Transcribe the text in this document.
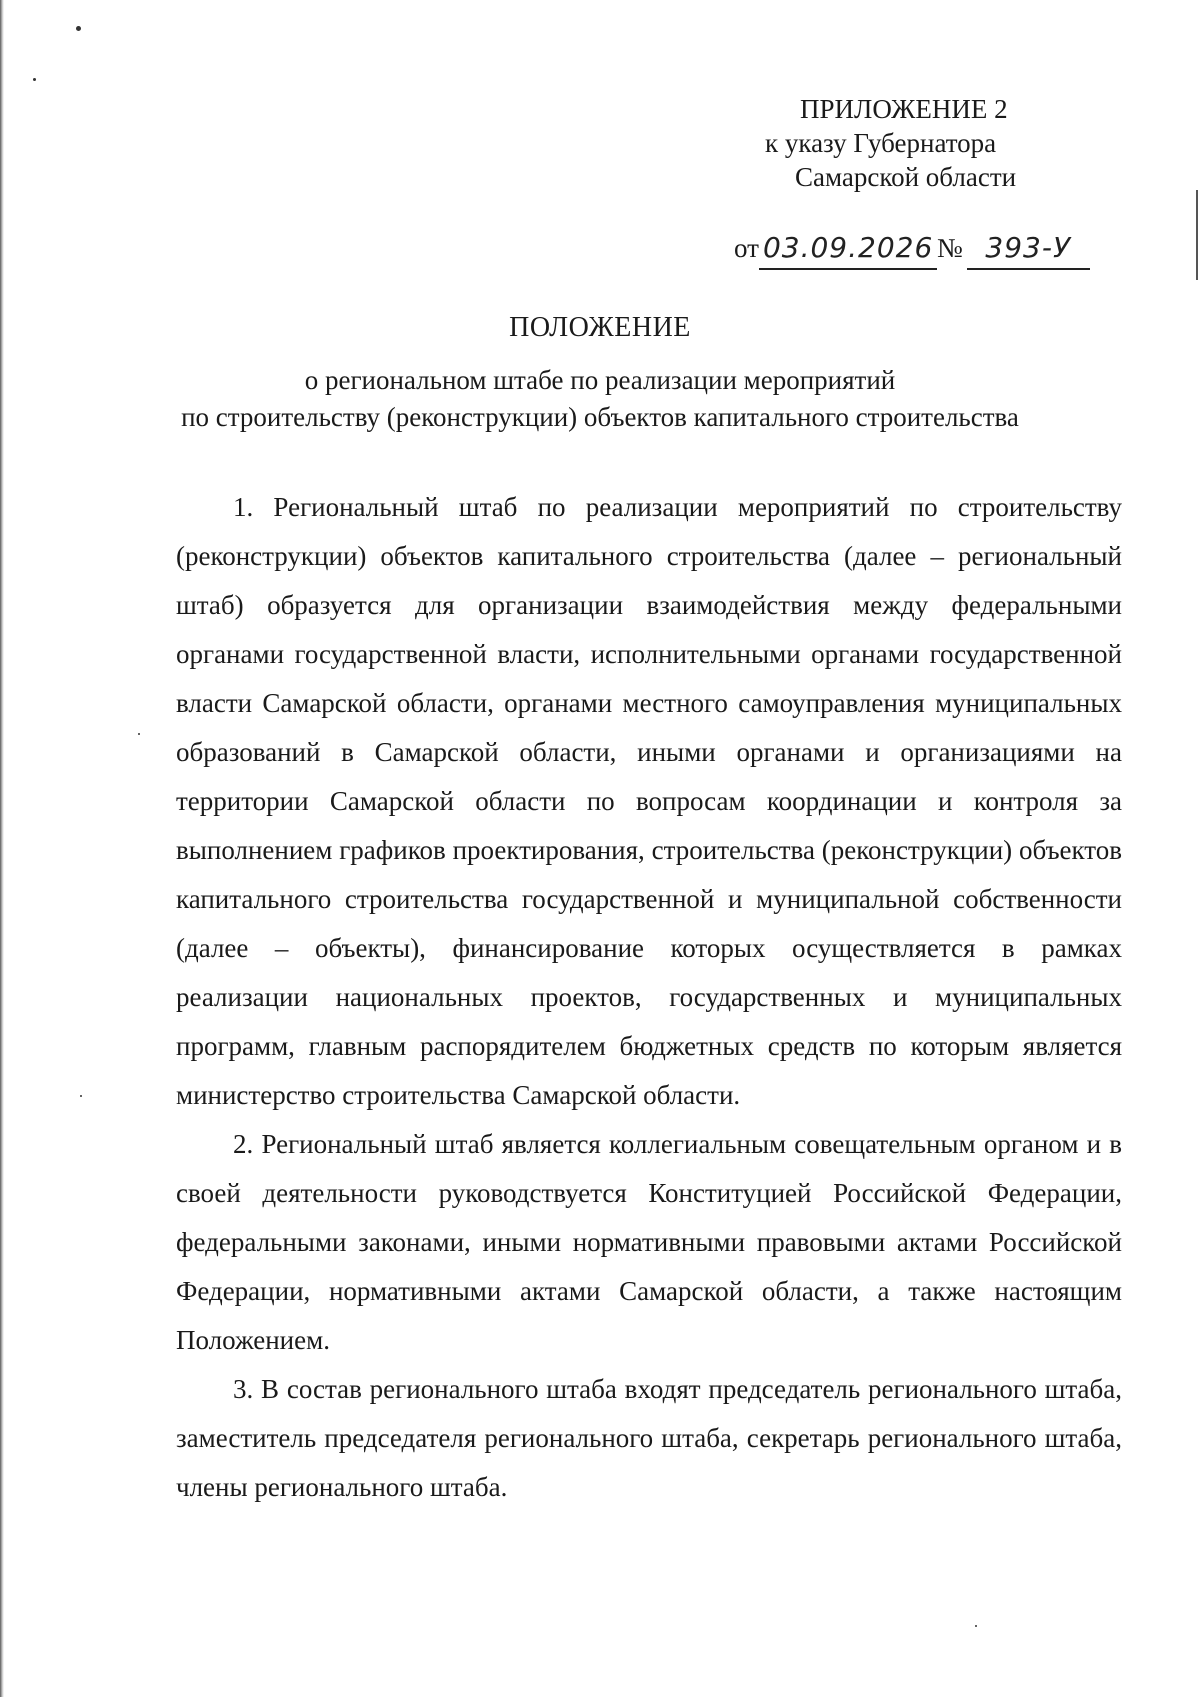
ПРИЛОЖЕНИЕ 2
к указу Губернатора
Самарской области
от 03.09.2026 № 393-У
ПОЛОЖЕНИЕ
о региональном штабе по реализации мероприятий
по строительству (реконструкции) объектов капитального строительства

1. Региональный штаб по реализации мероприятий по строительству (реконструкции) объектов капитального строительства (далее – региональный штаб) образуется для организации взаимодействия между федеральными органами государственной власти, исполнительными органами государственной власти Самарской области, органами местного самоуправления муниципальных образований в Самарской области, иными органами и организациями на территории Самарской области по вопросам координации и контроля за выполнением графиков проектирования, строительства (реконструкции) объектов капитального строительства государственной и муниципальной собственности (далее – объекты), финансирование которых осуществляется в рамках реализации национальных проектов, государственных и муниципальных программ, главным распорядителем бюджетных средств по которым является министерство строительства Самарской области.

2. Региональный штаб является коллегиальным совещательным органом и в своей деятельности руководствуется Конституцией Российской Федерации, федеральными законами, иными нормативными правовыми актами Российской Федерации, нормативными актами Самарской области, а также настоящим Положением.

3. В состав регионального штаба входят председатель регионального штаба, заместитель председателя регионального штаба, секретарь регионального штаба, члены регионального штаба.
